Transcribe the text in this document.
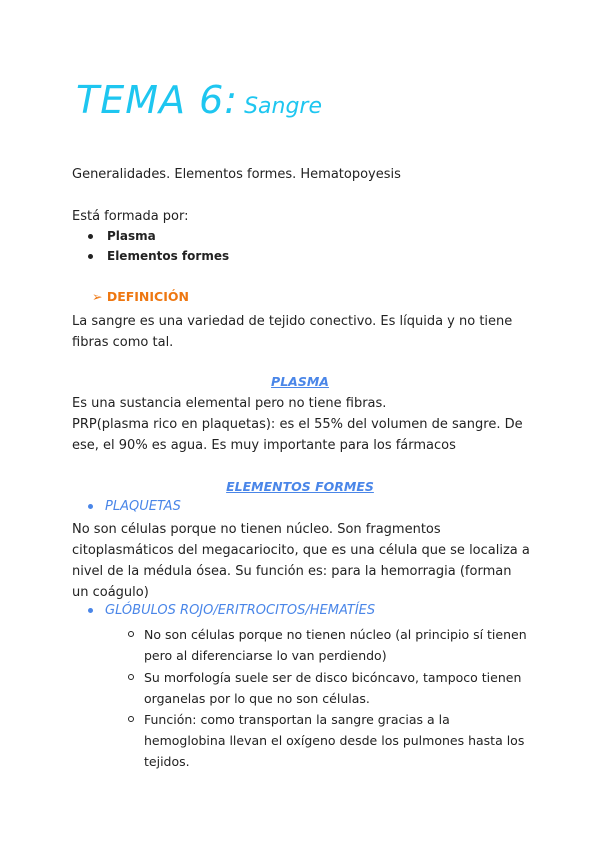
TEMA 6: Sangre

Generalidades. Elementos formes. Hematopoyesis

Está formada por:

Plasma
Elementos formes
➢ DEFINICIÓN

La sangre es una variedad de tejido conectivo. Es líquida y no tiene fibras como tal.

PLASMA

Es una sustancia elemental pero no tiene fibras.

PRP(plasma rico en plaquetas): es el 55% del volumen de sangre. De ese, el 90% es agua. Es muy importante para los fármacos

ELEMENTOS FORMES
PLAQUETAS

No son células porque no tienen núcleo. Son fragmentos citoplasmáticos del megacariocito, que es una célula que se localiza a nivel de la médula ósea. Su función es: para la hemorragia (forman un coágulo)

GLÓBULOS ROJO/ERITROCITOS/HEMATÍES
No son células porque no tienen núcleo (al principio sí tienen pero al diferenciarse lo van perdiendo)
Su morfología suele ser de disco bicóncavo, tampoco tienen organelas por lo que no son células.
Función: como transportan la sangre gracias a la hemoglobina llevan el oxígeno desde los pulmones hasta los tejidos.
